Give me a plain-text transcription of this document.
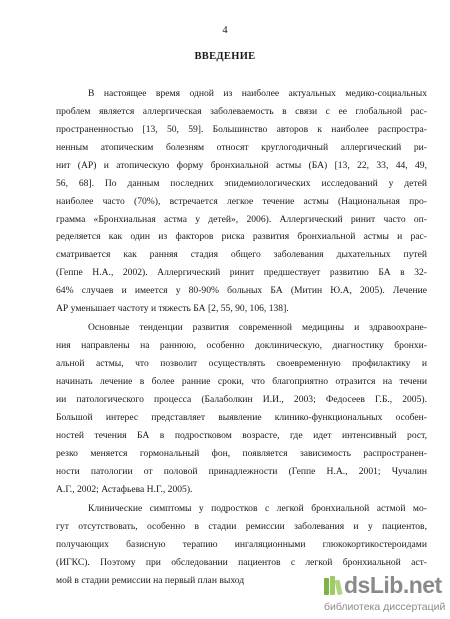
4
ВВЕДЕНИЕ
В настоящее время одной из наиболее актуальных медико-социальных
проблем является аллергическая заболеваемость в связи с ее глобальной рас-
пространенностью [13, 50, 59]. Большинство авторов к наиболее распростра-
ненным атопическим болезням относят круглогодичный аллергический ри-
нит (АР) и атопическую форму бронхиальной астмы (БА) [13, 22, 33, 44, 49,
56, 68]. По данным последних эпидемиологических исследований у детей
наиболее часто (70%), встречается легкое течение астмы (Национальная про-
грамма «Бронхиальная астма у детей», 2006). Аллергический ринит часто оп-
ределяется как один из факторов риска развития бронхиальной астмы и рас-
сматривается как ранняя стадия общего заболевания дыхательных путей
(Геппе Н.А., 2002). Аллергический ринит предшествует развитию БА в 32-
64% случаев и имеется у 80-90% больных БА (Митин Ю.А, 2005). Лечение
АР уменьшает частоту и тяжесть БА [2, 55, 90, 106, 138].
Основные тенденции развития современной медицины и здравоохране-
ния направлены на раннюю, особенно доклиническую, диагностику бронхи-
альной астмы, что позволит осуществлять своевременную профилактику и
начинать лечение в более ранние сроки, что благоприятно отразится на течени
ии патологического процесса (Балаболкин И.И., 2003; Федосеев Г.Б., 2005).
Большой интерес представляет выявление клинико-функциональных особен-
ностей течения БА в подростковом возрасте, где идет интенсивный рост,
резко меняется гормональный фон, появляется зависимость распространен-
ности патологии от половой принадлежности (Геппе Н.А., 2001; Чучалин
А.Г., 2002; Астафьева Н.Г., 2005).
Клинические симптомы у подростков с легкой бронхиальной астмой мо-
гут отсутствовать, особенно в стадии ремиссии заболевания и у пациентов,
получающих базисную терапию ингаляционными глюкокортикостероидами
(ИГКС). Поэтому при обследовании пациентов с легкой бронхиальной аст-
мой в стадии ремиссии на первый план выход	dsLib.net
библиотека диссертаций
